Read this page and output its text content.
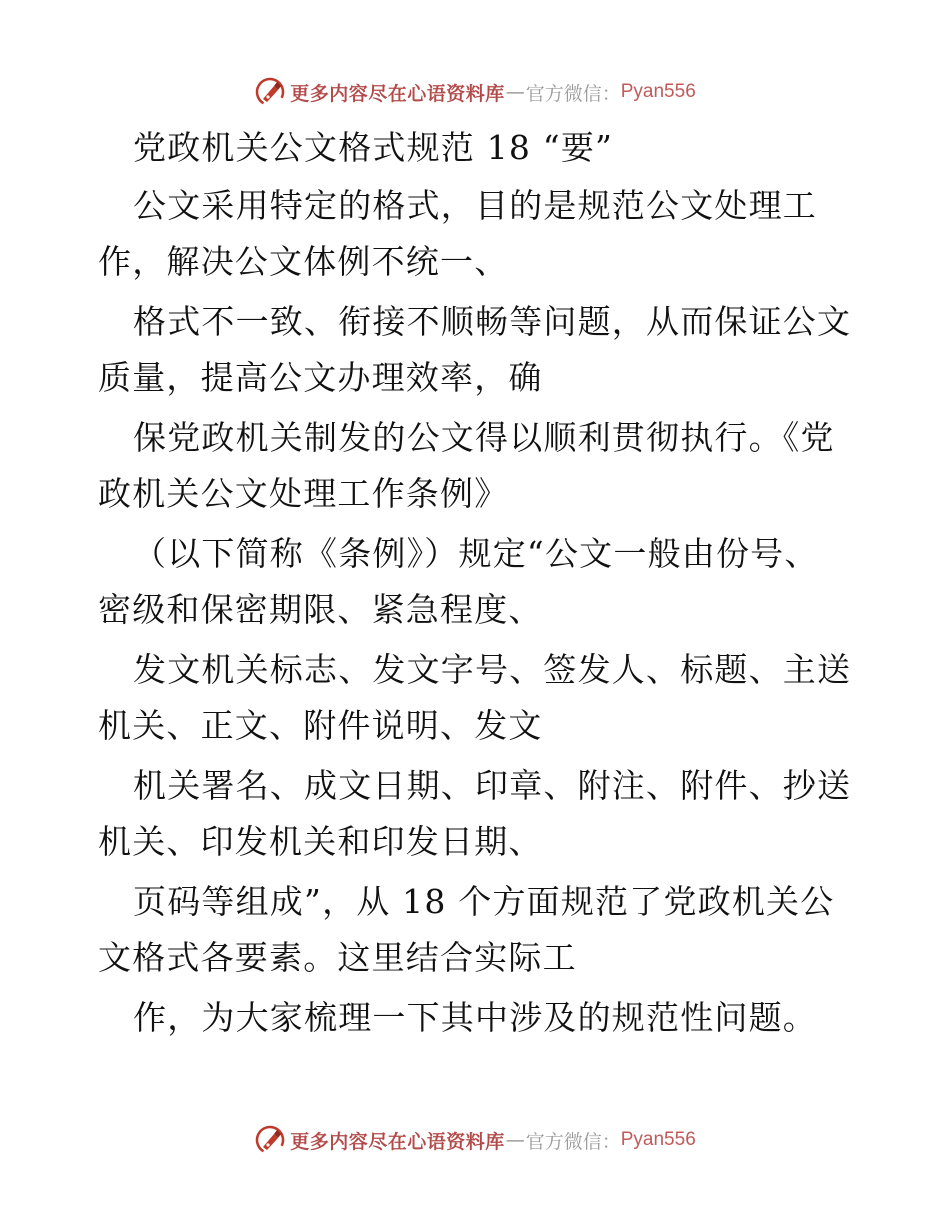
更多内容尽在心语资料库 — 官方微信： Pyan556
党政机关公文格式规范 18 “要”
公文采用特定的格式，目的是规范公文处理工
作，解决公文体例不统一、
格式不一致、衔接不顺畅等问题，从而保证公文
质量，提高公文办理效率，确
保党政机关制发的公文得以顺利贯彻执行。《党
政机关公文处理工作条例》
（以下简称《条例》）规定“公文一般由份号、
密级和保密期限、紧急程度、
发文机关标志、发文字号、签发人、标题、主送
机关、正文、附件说明、发文
机关署名、成文日期、印章、附注、附件、抄送
机关、印发机关和印发日期、
页码等组成”，从 18 个方面规范了党政机关公
文格式各要素。这里结合实际工
作，为大家梳理一下其中涉及的规范性问题。
更多内容尽在心语资料库 — 官方微信： Pyan556
